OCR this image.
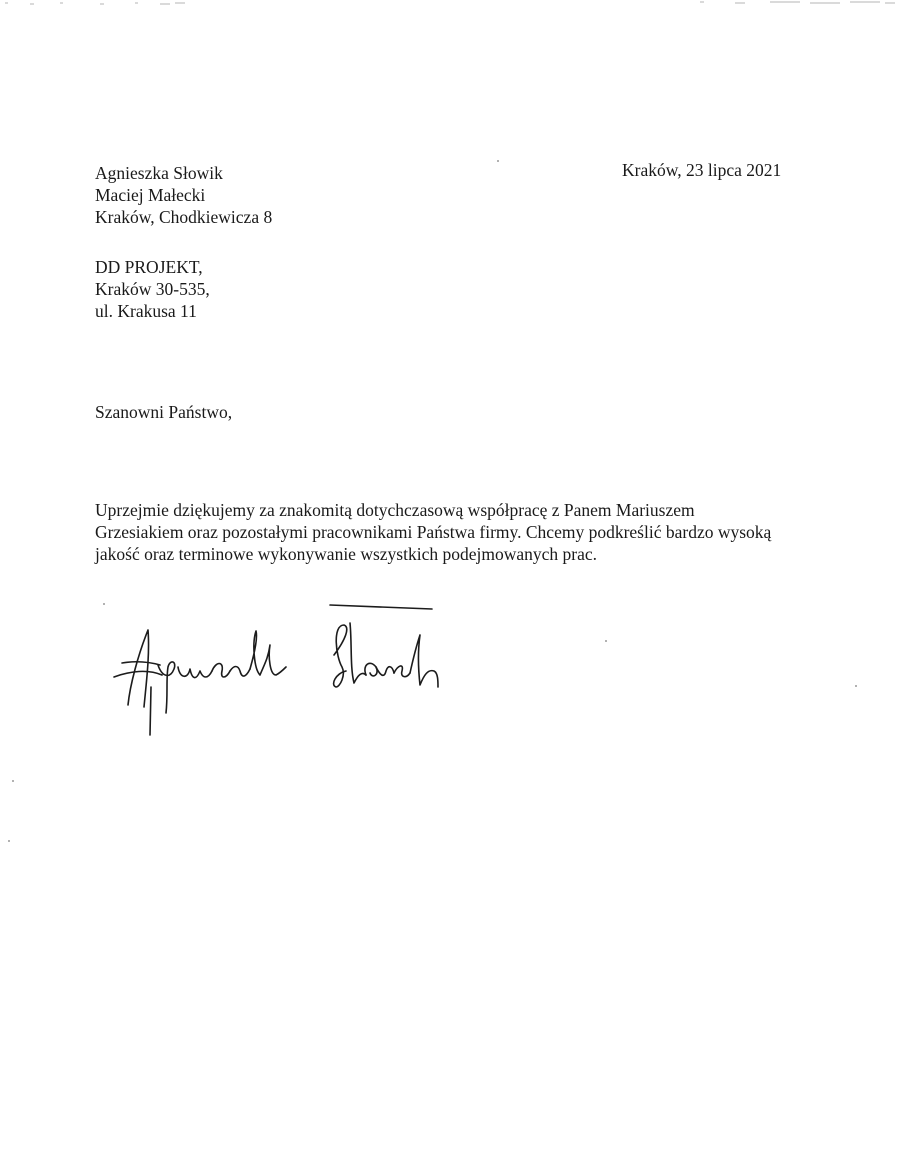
Agnieszka Słowik
Maciej Małecki
Kraków, Chodkiewicza 8
Kraków, 23 lipca 2021
DD PROJEKT,
Kraków 30-535,
ul. Krakusa 11
Szanowni Państwo,
Uprzejmie dziękujemy za znakomitą dotychczasową współpracę z Panem Mariuszem
Grzesiakiem oraz pozostałymi pracownikami Państwa firmy. Chcemy podkreślić bardzo wysoką
jakość oraz terminowe wykonywanie wszystkich podejmowanych prac.
